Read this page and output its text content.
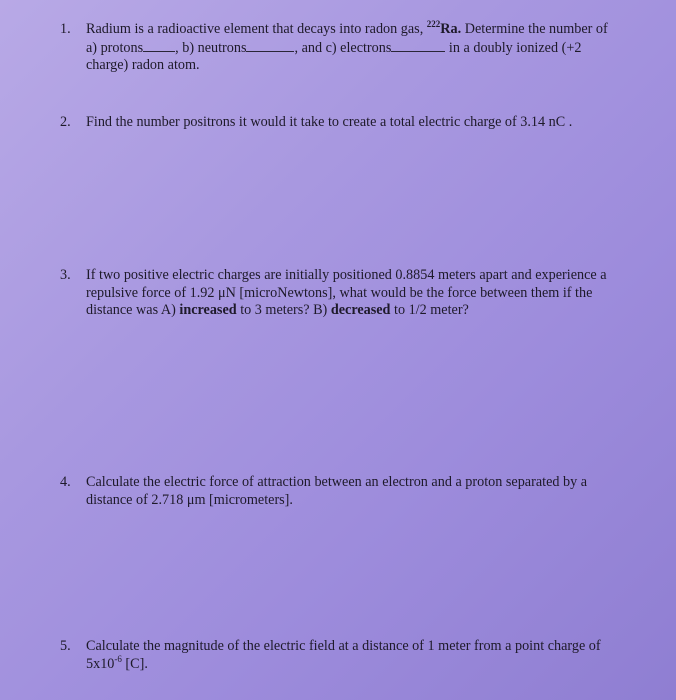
1.	Radium is a radioactive element that decays into radon gas, $^{222}$Ra. Determine the number of
a) protons , b) neutrons	, and c) electrons	in a doubly ionized (+2
charge) radon atom.
2.	Find the number positrons it would it take to create a total electric charge of 3.14 nC .
3.	If two positive electric charges are initially positioned 0.8854 meters apart and experience a repulsive force of 1.92 μN [microNewtons], what would be the force between them if the distance was A) increased to 3 meters? B) decreased to 1/2 meter?
4.	Calculate the electric force of attraction between an electron and a proton separated by a distance of 2.718 μm [micrometers].
5.	Calculate the magnitude of the electric field at a distance of 1 meter from a point charge of
$5x10^{-6}$ [C].
